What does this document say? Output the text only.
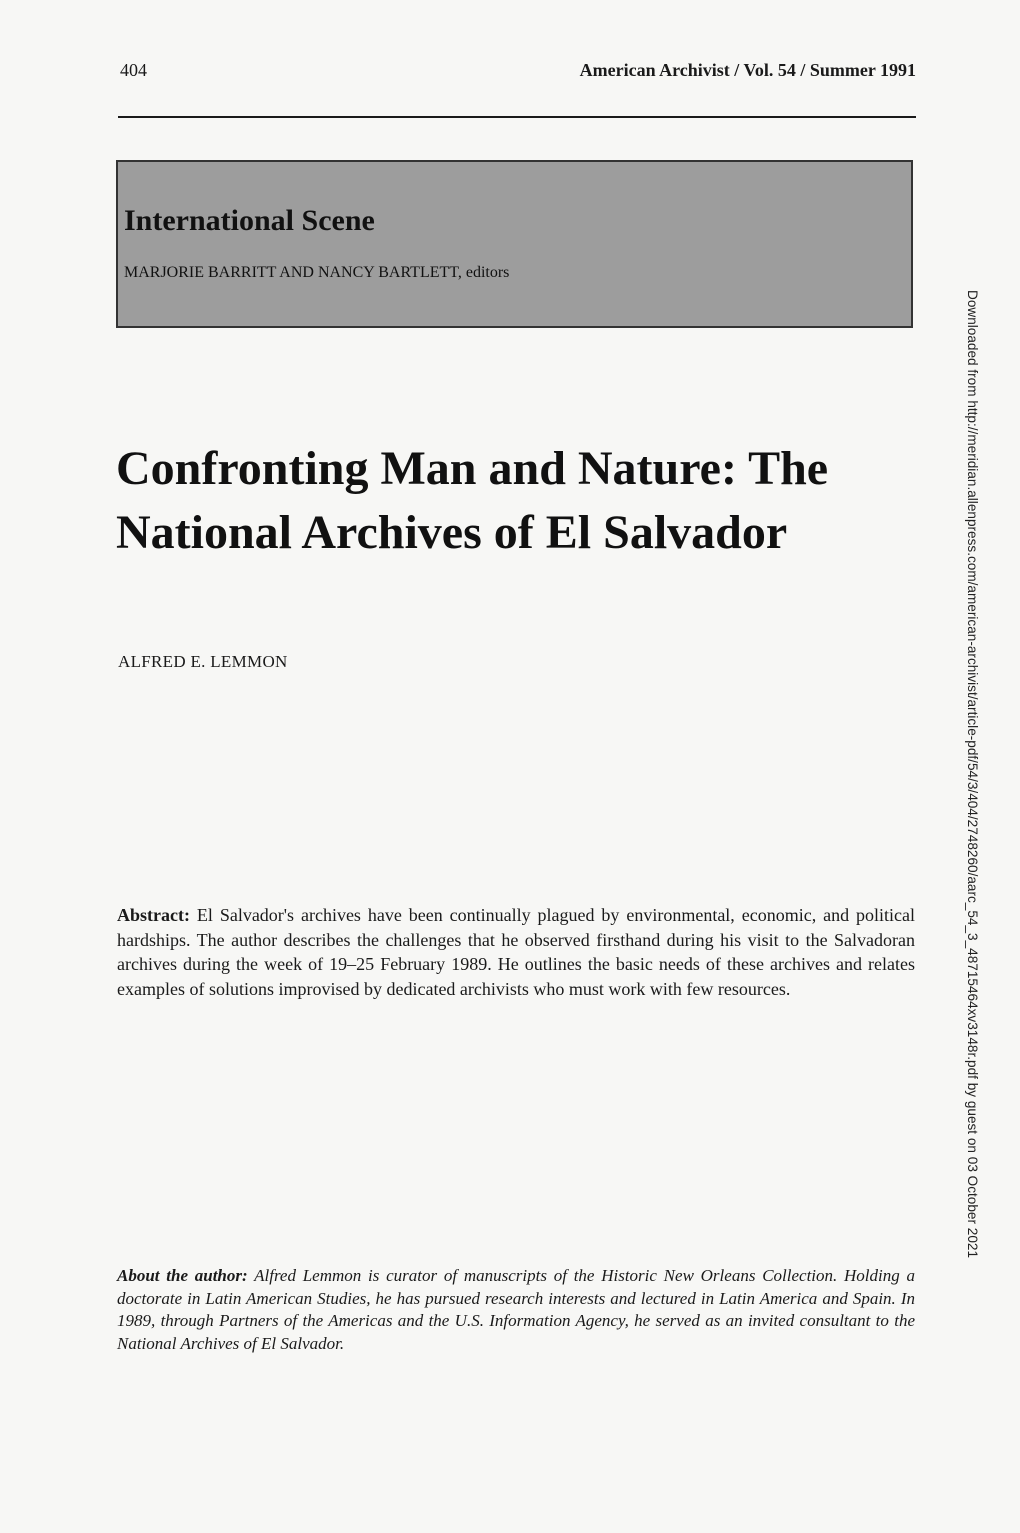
404	American Archivist / Vol. 54 / Summer 1991
International Scene
MARJORIE BARRITT AND NANCY BARTLETT, editors
Confronting Man and Nature: The National Archives of El Salvador
ALFRED E. LEMMON

Abstract: El Salvador's archives have been continually plagued by environmental, economic, and political hardships. The author describes the challenges that he observed firsthand during his visit to the Salvadoran archives during the week of 19–25 February 1989. He outlines the basic needs of these archives and relates examples of solutions improvised by dedicated archivists who must work with few resources.

About the author: Alfred Lemmon is curator of manuscripts of the Historic New Orleans Collection. Holding a doctorate in Latin American Studies, he has pursued research interests and lectured in Latin America and Spain. In 1989, through Partners of the Americas and the U.S. Information Agency, he served as an invited consultant to the National Archives of El Salvador.

Downloaded from http://meridian.allenpress.com/american-archivist/article-pdf/54/3/404/2748260/aarc_54_3_48715464xv3148r.pdf by guest on 03 October 2021
